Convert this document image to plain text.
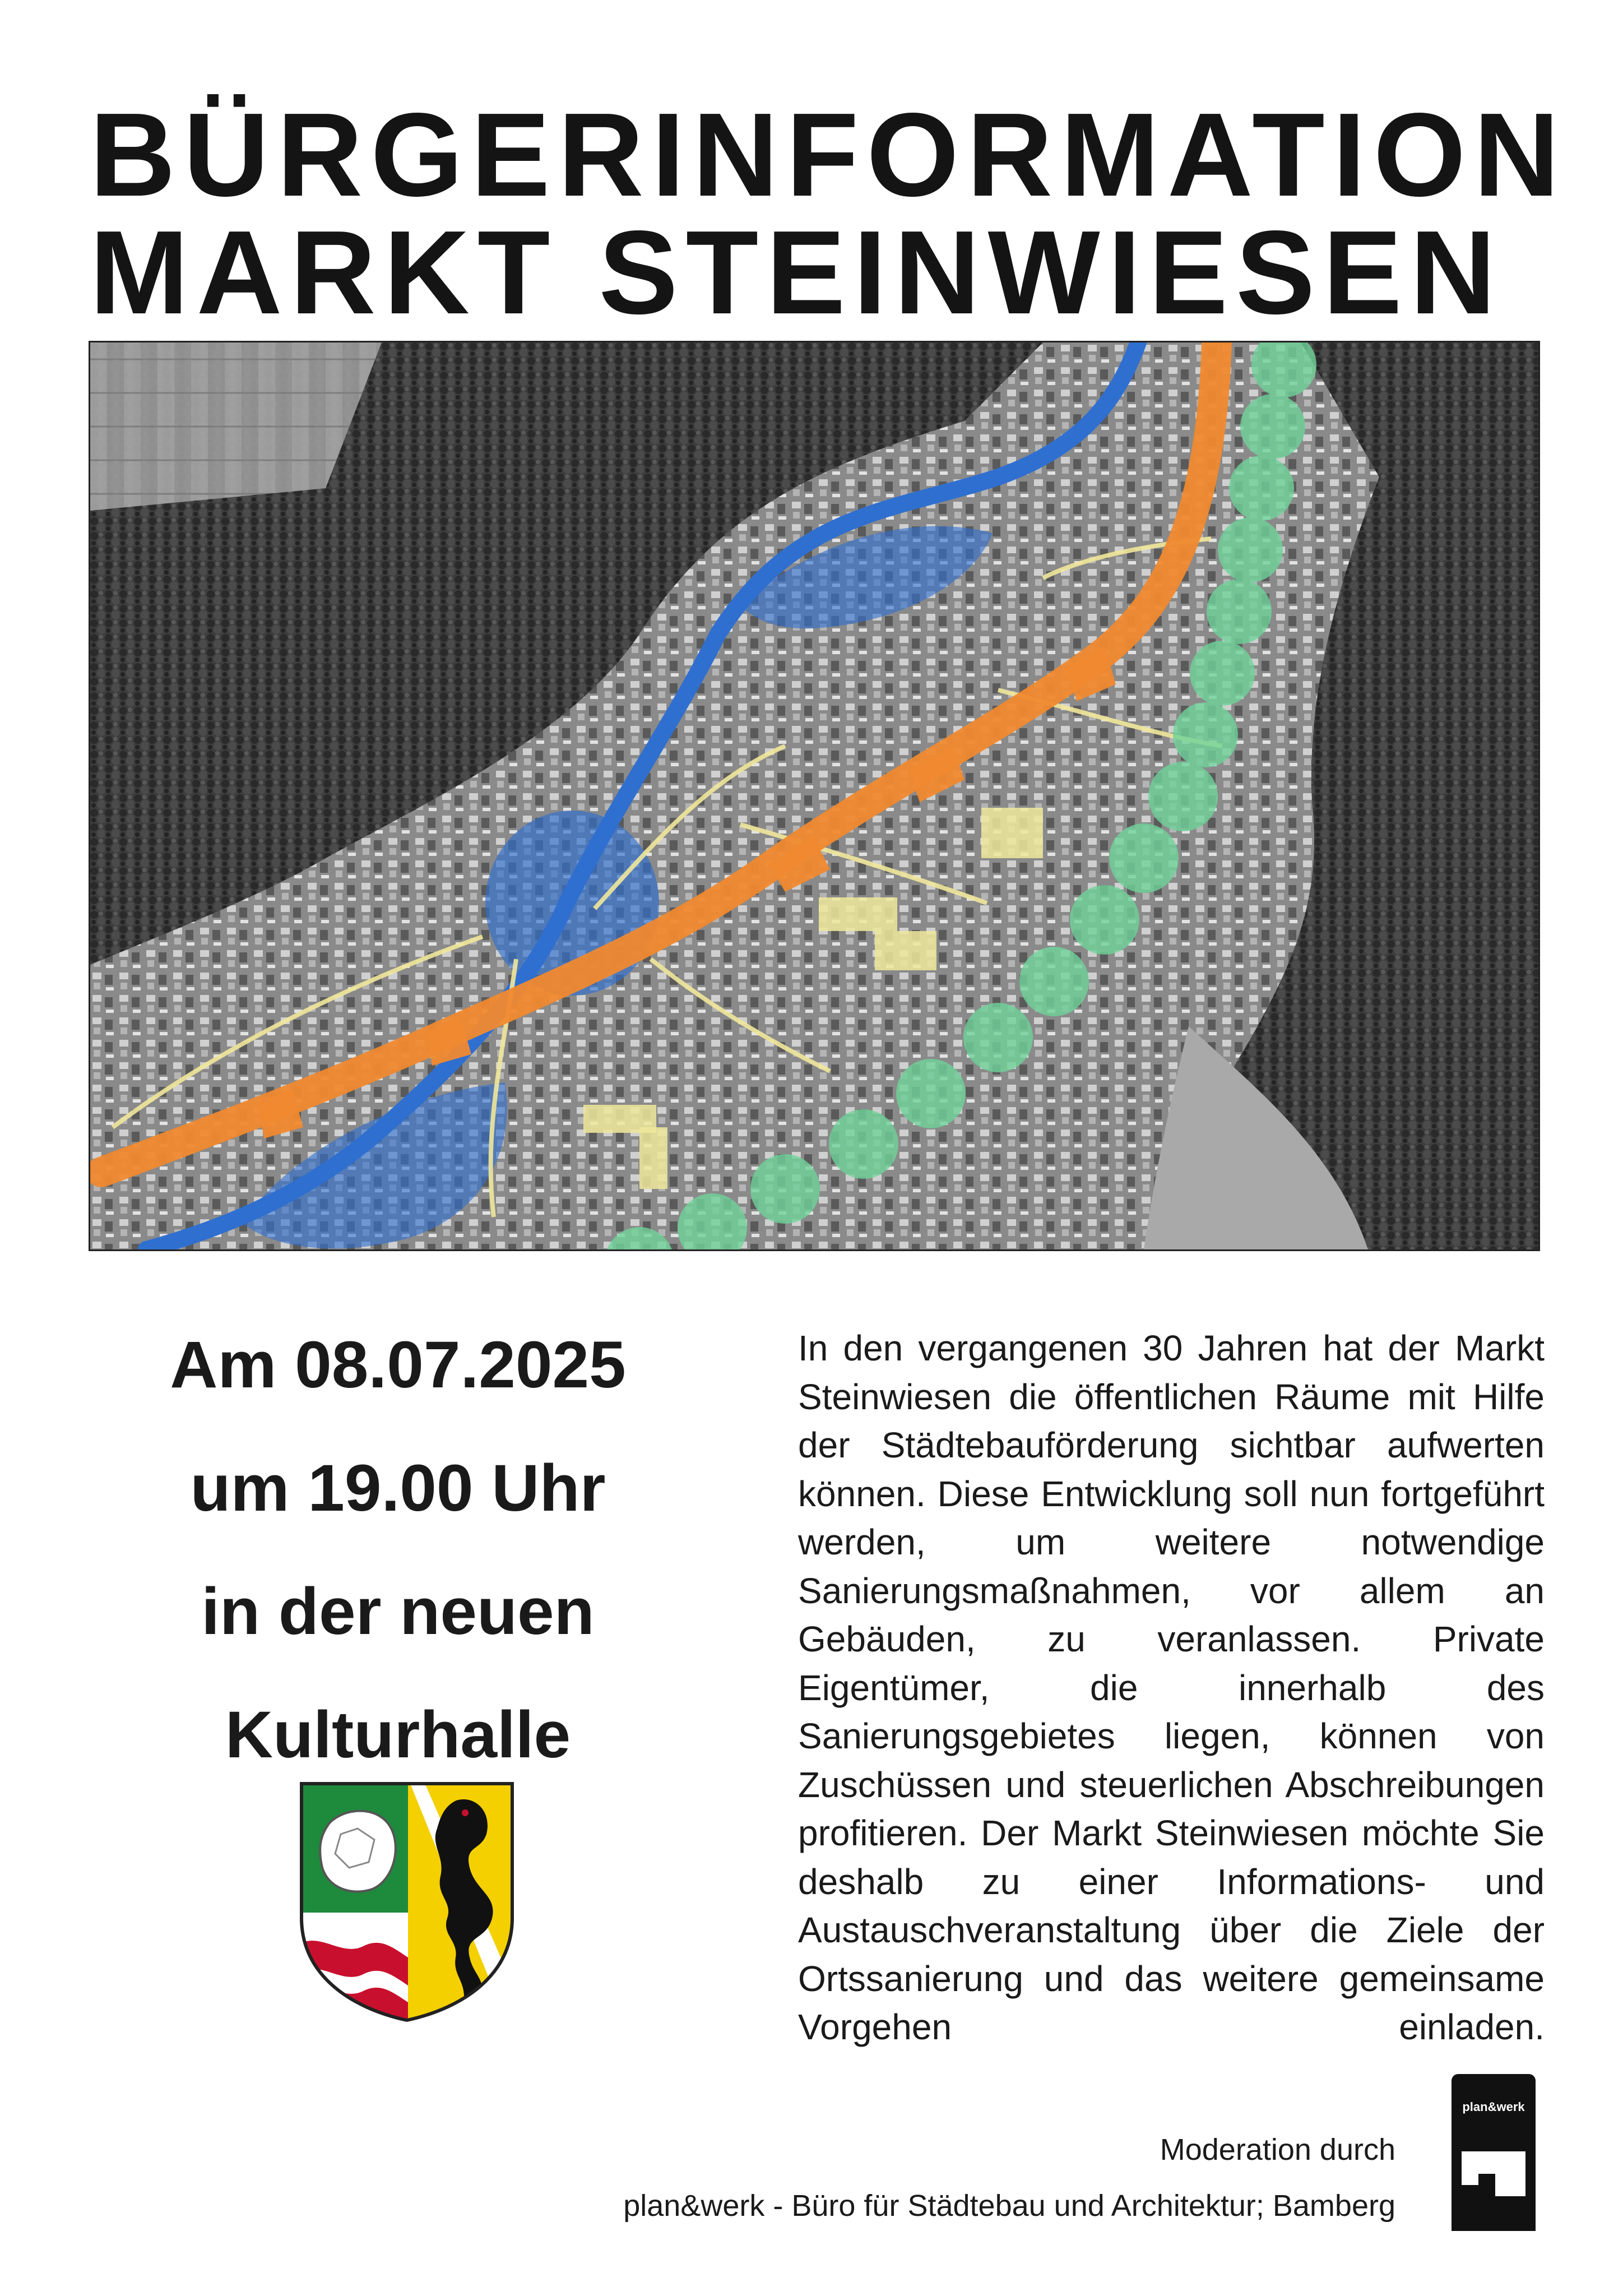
BÜRGERINFORMATION
MARKT STEINWIESEN
Am 08.07.2025
um 19.00 Uhr
in der neuen
Kulturhalle
In den vergangenen 30 Jahren hat der Markt Steinwiesen die öffentlichen Räume mit Hilfe der Städtebauförderung sichtbar aufwerten können. Diese Entwicklung soll nun fortgeführt werden, um weitere notwendige Sanierungsmaßnahmen, vor allem an Gebäuden, zu veranlassen. Private Eigentümer, die innerhalb des Sanierungsgebietes liegen, können von Zuschüssen und steuerlichen Abschreibungen profitieren. Der Markt Steinwiesen möchte Sie deshalb zu einer Informations- und Austauschveranstaltung über die Ziele der Ortssanierung und das weitere gemeinsame Vorgehen einladen.
Moderation durch
plan&werk - Büro für Städtebau und Architektur; Bamberg
plan&werk
